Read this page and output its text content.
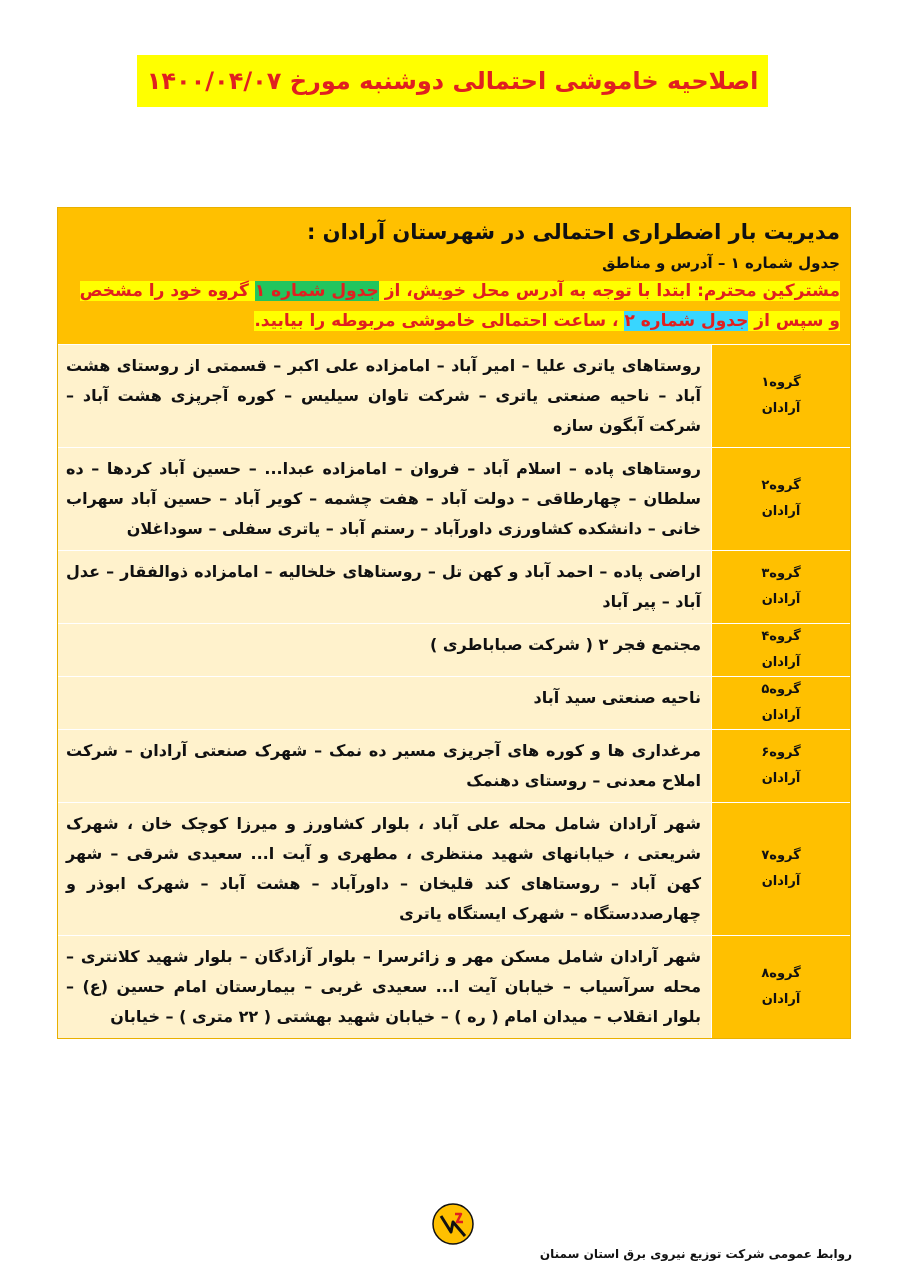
اصلاحیه خاموشی احتمالی دوشنبه مورخ ۱۴۰۰/۰۴/۰۷
مدیریت بار اضطراری احتمالی در شهرستان آرادان :
جدول شماره ۱ – آدرس و مناطق
مشترکین محترم: ابتدا با توجه به آدرس محل خویش، از جدول شماره ۱ گروه خود را مشخص و سپس از جدول شماره ۲ ، ساعت احتمالی خاموشی مربوطه را بیابید.
گروه۱
آرادان
روستاهای یاتری علیا – امیر آباد – امامزاده علی اکبر – قسمتی از روستای هشت آباد – ناحیه صنعتی یاتری – شرکت تاوان سیلیس – کوره آجرپزی هشت آباد – شرکت آبگون سازه
گروه۲
آرادان
روستاهای پاده – اسلام آباد – فروان – امامزاده عبدا... – حسین آباد کردها – ده سلطان – چهارطاقی – دولت آباد – هفت چشمه – کویر آباد – حسین آباد سهراب خانی – دانشکده کشاورزی داورآباد – رستم آباد – یاتری سفلی – سوداغلان
گروه۳
آرادان
اراضی پاده – احمد آباد و کهن تل – روستاهای خلخالیه – امامزاده ذوالفقار – عدل آباد – پیر آباد
گروه۴
آرادان
مجتمع فجر ۲ ( شرکت صباباطری )
گروه۵
آرادان
ناحیه صنعتی سید آباد
گروه۶
آرادان
مرغداری ها و کوره های آجرپزی مسیر ده نمک – شهرک صنعتی آرادان – شرکت املاح معدنی – روستای دهنمک
گروه۷
آرادان
شهر آرادان شامل محله علی آباد ، بلوار کشاورز و میرزا کوچک خان ، شهرک شریعتی ، خیابانهای شهید منتظری ، مطهری و آیت ا... سعیدی شرقی – شهر کهن آباد – روستاهای کند قلیخان – داورآباد – هشت آباد – شهرک ابوذر و چهارصددستگاه – شهرک ایستگاه یاتری
گروه۸
آرادان
شهر آرادان شامل مسکن مهر و زائرسرا – بلوار آزادگان – بلوار شهید کلانتری – محله سرآسیاب – خیابان آیت ا... سعیدی غربی – بیمارستان امام حسین (ع) – بلوار انقلاب – میدان امام ( ره ) – خیابان شهید بهشتی ( ۲۲ متری ) – خیابان
روابط عمومی شرکت توزیع نیروی برق استان سمنان
